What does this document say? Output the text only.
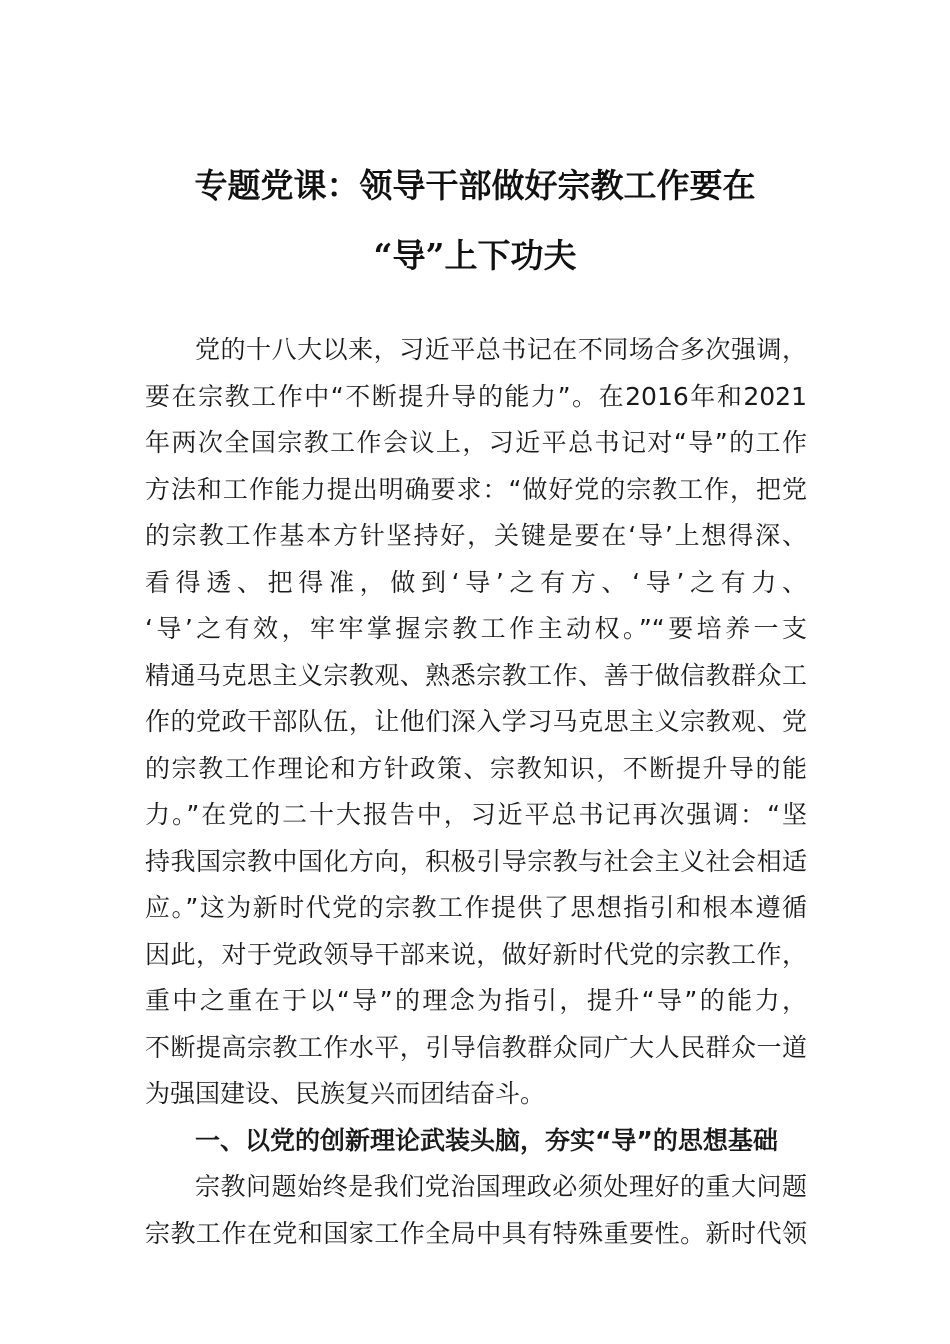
专题党课：领导干部做好宗教工作要在
“导”上下功夫
党的十八大以来，习近平总书记在不同场合多次强调，
要在宗教工作中“不断提升导的能力”。在2016年和2021
年两次全国宗教工作会议上，习近平总书记对“导”的工作
方法和工作能力提出明确要求：“做好党的宗教工作，把党
的宗教工作基本方针坚持好，关键是要在‘导’上想得深、
看得透、把得准，做到‘导’之有方、‘导’之有力、
‘导’之有效，牢牢掌握宗教工作主动权。”“要培养一支
精通马克思主义宗教观、熟悉宗教工作、善于做信教群众工
作的党政干部队伍，让他们深入学习马克思主义宗教观、党
的宗教工作理论和方针政策、宗教知识，不断提升导的能
力。”在党的二十大报告中，习近平总书记再次强调：“坚
持我国宗教中国化方向，积极引导宗教与社会主义社会相适
应。”这为新时代党的宗教工作提供了思想指引和根本遵循
因此，对于党政领导干部来说，做好新时代党的宗教工作，
重中之重在于以“导”的理念为指引，提升“导”的能力，
不断提高宗教工作水平，引导信教群众同广大人民群众一道
为强国建设、民族复兴而团结奋斗。
一、以党的创新理论武装头脑，夯实“导”的思想基础
宗教问题始终是我们党治国理政必须处理好的重大问题
宗教工作在党和国家工作全局中具有特殊重要性。新时代领
